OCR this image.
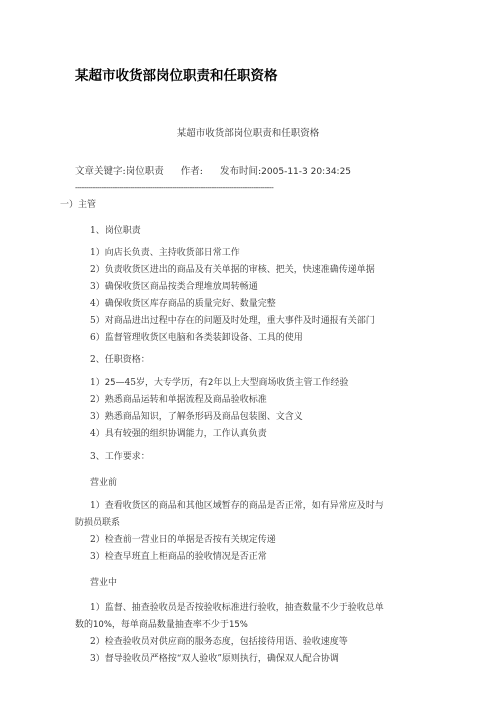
某超市收货部岗位职责和任职资格
某超市收货部岗位职责和任职资格
文章关键字:岗位职责 作者: 发布时间:2005-11-3 20:34:25
------------------------------------------------------------------------------------------
一）主管
1、岗位职责
1）向店长负责、主持收货部日常工作
2）负责收货区进出的商品及有关单据的审核、把关，快速准确传递单据
3）确保收货区商品按类合理堆放周转畅通
4）确保收货区库存商品的质量完好、数量完整
5）对商品进出过程中存在的问题及时处理，重大事件及时通报有关部门
6）监督管理收货区电脑和各类装卸设备、工具的使用
2、任职资格：
1）25—45岁，大专学历，有2年以上大型商场收货主管工作经验
2）熟悉商品运转和单据流程及商品验收标准
3）熟悉商品知识，了解条形码及商品包装图、文含义
4）具有较强的组织协调能力，工作认真负责
3、工作要求：
营业前
1）查看收货区的商品和其他区域暂存的商品是否正常，如有异常应及时与
防损员联系
2）检查前一营业日的单据是否按有关规定传递
3）检查早班直上柜商品的验收情况是否正常
营业中
1）监督、抽查验收员是否按验收标准进行验收，抽查数量不少于验收总单
数的10%，每单商品数量抽查率不少于15%
2）检查验收员对供应商的服务态度，包括接待用语、验收速度等
3）督导验收员严格按“双人验收”原则执行，确保双人配合协调
